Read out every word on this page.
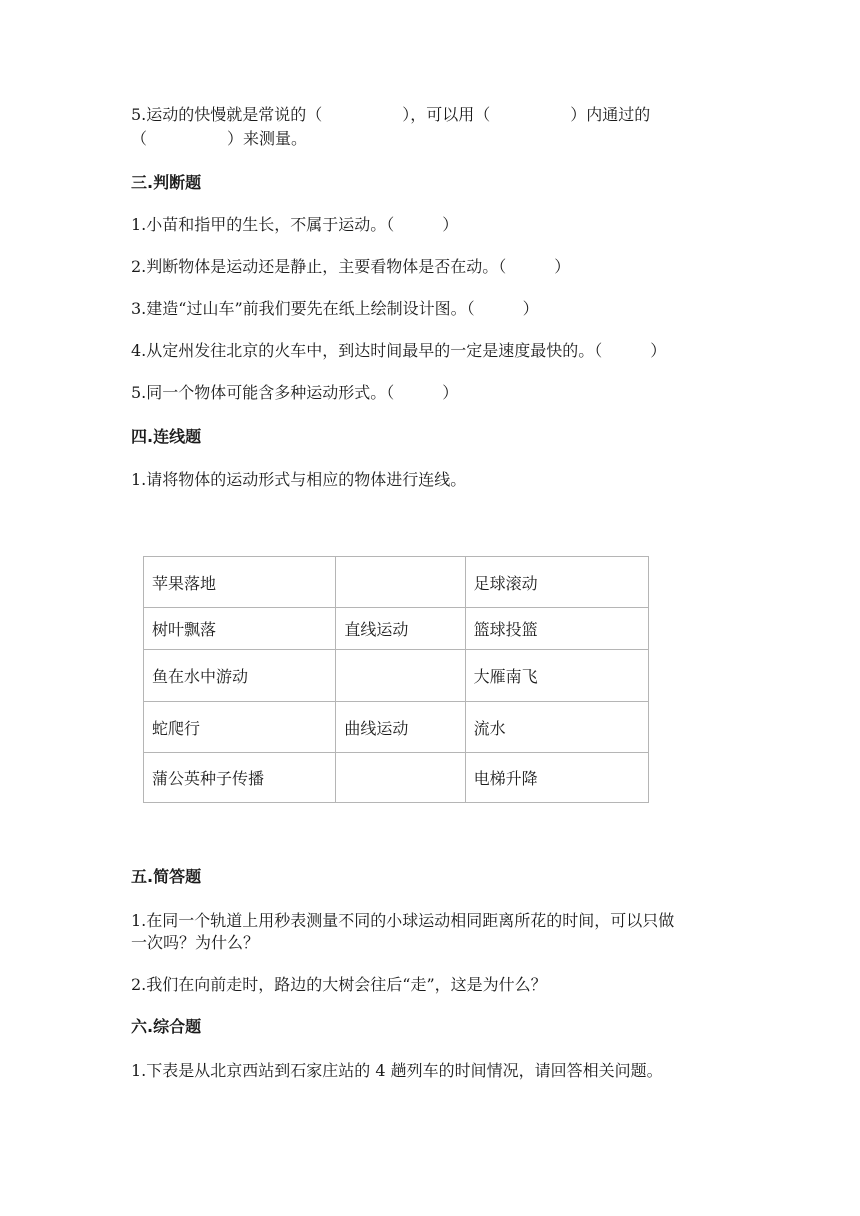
5.运动的快慢就是常说的（　　　　　），可以用（　　　　　）内通过的
（　　　　　）来测量。
三.判断题
1.小苗和指甲的生长，不属于运动。（　　　）
2.判断物体是运动还是静止，主要看物体是否在动。（　　　）
3.建造“过山车”前我们要先在纸上绘制设计图。（　　　）
4.从定州发往北京的火车中，到达时间最早的一定是速度最快的。（　　　）
5.同一个物体可能含多种运动形式。（　　　）
四.连线题
1.请将物体的运动形式与相应的物体进行连线。
苹果落地		足球滚动
树叶飘落	直线运动	篮球投篮
鱼在水中游动		大雁南飞
蛇爬行	曲线运动	流水
蒲公英种子传播		电梯升降
五.简答题
1.在同一个轨道上用秒表测量不同的小球运动相同距离所花的时间，可以只做
一次吗？为什么？
2.我们在向前走时，路边的大树会往后“走”，这是为什么？
六.综合题
1.下表是从北京西站到石家庄站的 4 趟列车的时间情况，请回答相关问题。
